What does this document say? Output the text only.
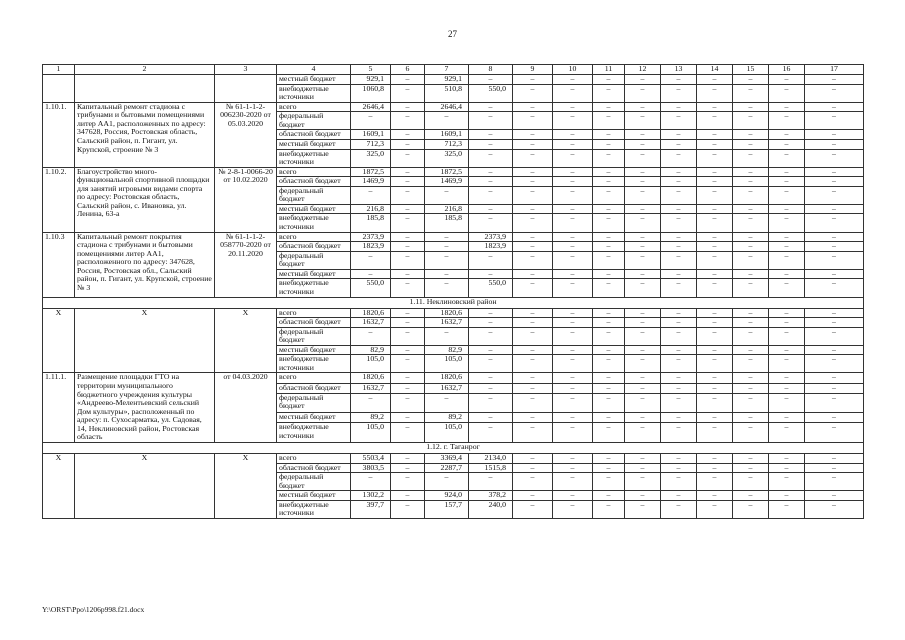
27
1	2	3	4	5	6	7	8	9	10	11	12	13	14	15	16	17
			местный бюджет	929,1	–	929,1	–	–	–	–	–	–	–	–	–	–
			внебюджетные источники	1060,8	–	510,8	550,0	–	–	–	–	–	–	–	–	–
1.10.1.	Капитальный ремонт стадиона с трибунами и бытовыми помещениями литер АА1, расположенных по адресу: 347628, Россия, Ростовская область, Сальский район, п. Гигант, ул. Крупской, строение № 3	№ 61-1-1-2-006230-2020 от 05.03.2020	всего	2646,4	–	2646,4	–	–	–	–	–	–	–	–	–	–
			федеральный бюджет	–	–	–	–	–	–	–	–	–	–	–	–	–
			областной бюджет	1609,1	–	1609,1	–	–	–	–	–	–	–	–	–	–
			местный бюджет	712,3	–	712,3	–	–	–	–	–	–	–	–	–	–
			внебюджетные источники	325,0	–	325,0	–	–	–	–	–	–	–	–	–	–
1.10.2.	Благоустройство много-функциональной спортивной площадки для занятий игровыми видами спорта по адресу: Ростовская область, Сальский район, с. Ивановка, ул. Ленина, 63-а	№ 2-8-1-0066-20 от 10.02.2020	всего	1872,5	–	1872,5	–	–	–	–	–	–	–	–	–	–
			областной бюджет	1469,9	–	1469,9	–	–	–	–	–	–	–	–	–	–
			федеральный бюджет	–	–	–	–	–	–	–	–	–	–	–	–	–
			местный бюджет	216,8	–	216,8	–	–	–	–	–	–	–	–	–	–
			внебюджетные источники	185,8	–	185,8	–	–	–	–	–	–	–	–	–	–
1.10.3	Капитальный ремонт покрытия стадиона с трибунами и бытовыми помещениями литер АА1, расположенного по адресу: 347628, Россия, Ростовская обл., Сальский район, п. Гигант, ул. Крупской, строение № 3	№ 61-1-1-2-058770-2020 от 20.11.2020	всего	2373,9	–	–	2373,9	–	–	–	–	–	–	–	–	–
			областной бюджет	1823,9	–	–	1823,9	–	–	–	–	–	–	–	–	–
			федеральный бюджет	–	–	–	–	–	–	–	–	–	–	–	–	–
			местный бюджет	–	–	–	–	–	–	–	–	–	–	–	–	–
			внебюджетные источники	550,0	–	–	550,0	–	–	–	–	–	–	–	–	–
1.11. Неклиновский район																
Х	Х	Х	всего	1820,6	–	1820,6	–	–	–	–	–	–	–	–	–	–
			областной бюджет	1632,7	–	1632,7	–	–	–	–	–	–	–	–	–	–
			федеральный бюджет	–	–	–	–	–	–	–	–	–	–	–	–	–
			местный бюджет	82,9	–	82,9	–	–	–	–	–	–	–	–	–	–
			внебюджетные источники	105,0	–	105,0	–	–	–	–	–	–	–	–	–	–
1.11.1.	Размещение площадки ГТО на территории муниципального бюджетного учреждения культуры «Андреево-Мелентьевский сельский Дом культуры», расположенный по адресу: п. Сухосарматка, ул. Садовая, 14, Неклиновский район, Ростовская область	от 04.03.2020	всего	1820,6	–	1820,6	–	–	–	–	–	–	–	–	–	–
			областной бюджет	1632,7	–	1632,7	–	–	–	–	–	–	–	–	–	–
			федеральный бюджет	–	–	–	–	–	–	–	–	–	–	–	–	–
			местный бюджет	89,2	–	89,2	–	–	–	–	–	–	–	–	–	–
			внебюджетные источники	105,0	–	105,0	–	–	–	–	–	–	–	–	–	–
1.12. г. Таганрог																
Х	Х	Х	всего	5503,4	–	3369,4	2134,0	–	–	–	–	–	–	–	–	–
			областной бюджет	3803,5	–	2287,7	1515,8	–	–	–	–	–	–	–	–	–
			федеральный бюджет	–	–	–	–	–	–	–	–	–	–	–	–	–
			местный бюджет	1302,2	–	924,0	378,2	–	–	–	–	–	–	–	–	–
			внебюджетные источники	397,7	–	157,7	240,0	–	–	–	–	–	–	–	–	–
Y:\ORST\Ppo\1206p998.f21.docx
